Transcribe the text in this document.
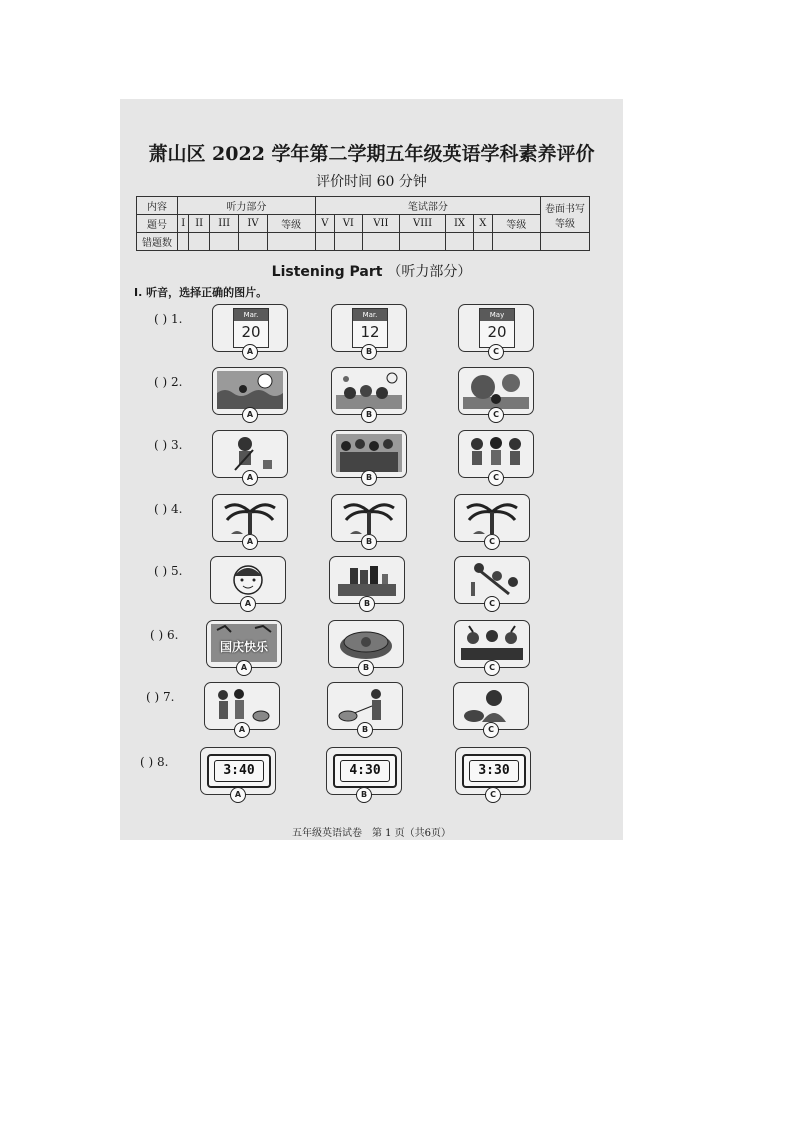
萧山区 2022 学年第二学期五年级英语学科素养评价
评价时间 60 分钟
内容	听力部分					笔试部分							卷面书写等级
题号	I	II	III	IV	等级	V	VI	VII	VIII	IX	X	等级	
错题数													
Listening Part （听力部分）
I. 听音，选择正确的图片。
( ) 1.	Mar.
20
A
Mar.
12
B
May
20
C
( ) 2.
A	B	C
( ) 3.
A	B	C
( ) 4.
A	B	C
( ) 5.
A	B	C
( ) 6.
国庆快乐
A	B	C
( ) 7.
A	B	C
( ) 8.
3:40
A
4:30
B
3:30
C
五年级英语试卷　第 1 页（共6页）
